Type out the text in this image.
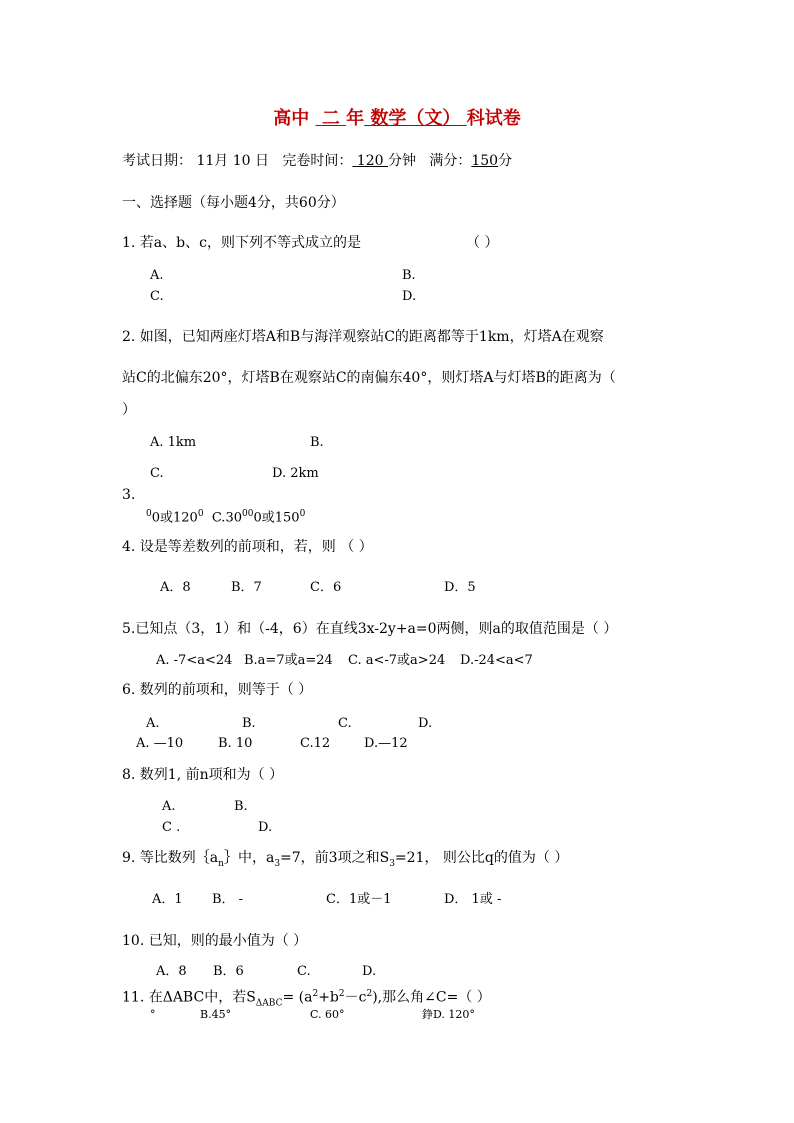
高中 二 年 数学（文） 科试卷
考试日期： 11月 10 日 完卷时间： 120 分钟 满分：150分
一、选择题（每小题4分，共60分）
1. 若a、b、c，则下列不等式成立的是	（ ）
A.	B.
C.	D.
2. 如图，已知两座灯塔A和B与海洋观察站C的距离都等于1km，灯塔A在观察
站C的北偏东20°，灯塔B在观察站C的南偏东40°，则灯塔A与灯塔B的距离为（
）
A. 1km	B.
C.	D. 2km
3.
$^0$0或$120^0$ $C.30^{00}0$或$150^0$
4. 设是等差数列的前项和，若，则 （ ）
A．8	B．7	C．6	D．5
5.已知点（3，1）和（-4，6）在直线3x-2y+a=0两侧，则a的取值范围是（ ）
A. -7<a<24 B.a=7或a=24 C. a<-7或a>24 D.-24<a<7
6. 数列的前项和，则等于（ ）
A.	B.	C.	D.
A. —10	B. 10	C.12	D.—12
8. 数列1, 前n项和为（ ）
A.	B.
C .	D.
9. 等比数列$\{a_n\}$中，$a_3=7$，前3项之和$S_3=21$， 则公比q的值为（ ）
A．1 B． -	C．1或－1	D． 1或 -
10. 已知，则的最小值为（ ）
A．8 B．6	C.	D.
11. 在ΔABC中，若$S_{\Delta ABC}= (a^2+b^2-c^2)$,那么角∠C=（ ）
°	B.45°	C. 60°	錚D. 120°
